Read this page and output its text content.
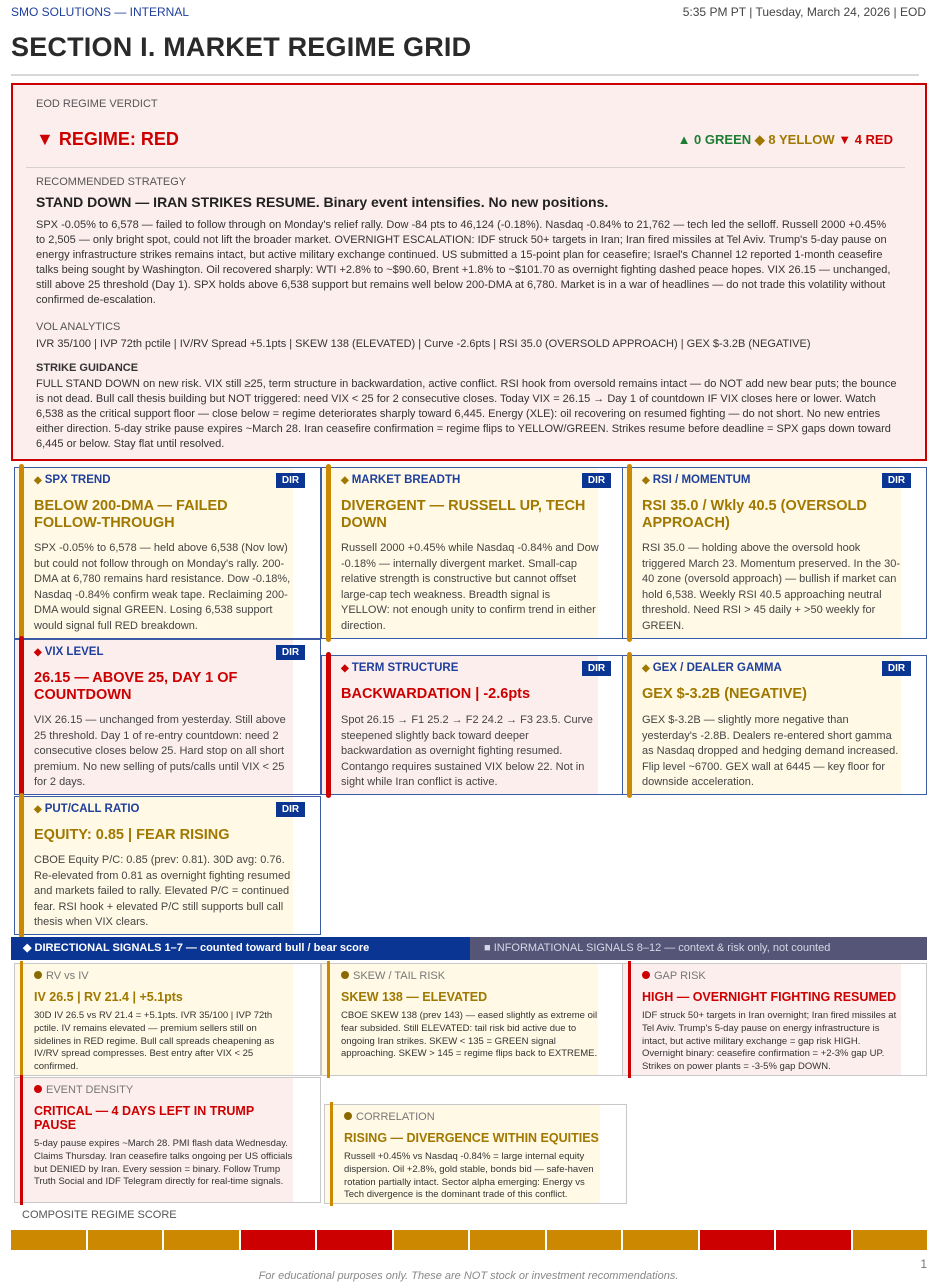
SMO SOLUTIONS — INTERNAL	5:35 PM PT | Tuesday, March 24, 2026 | EOD
SECTION I. MARKET REGIME GRID
EOD REGIME VERDICT
▼ REGIME: RED	▲ 0 GREEN ◆ 8 YELLOW ▼ 4 RED
RECOMMENDED STRATEGY
STAND DOWN — IRAN STRIKES RESUME. Binary event intensifies. No new positions.
SPX -0.05% to 6,578 — failed to follow through on Monday's relief rally. Dow -84 pts to 46,124 (-0.18%). Nasdaq -0.84% to 21,762 — tech led the selloff. Russell 2000 +0.45% to 2,505 — only bright spot, could not lift the broader market. OVERNIGHT ESCALATION: IDF struck 50+ targets in Iran; Iran fired missiles at Tel Aviv. Trump's 5-day pause on energy infrastructure strikes remains intact, but active military exchange continued. US submitted a 15-point plan for ceasefire; Israel's Channel 12 reported 1-month ceasefire talks being sought by Washington. Oil recovered sharply: WTI +2.8% to ~$90.60, Brent +1.8% to ~$101.70 as overnight fighting dashed peace hopes. VIX 26.15 — unchanged, still above 25 threshold (Day 1). SPX holds above 6,538 support but remains well below 200-DMA at 6,780. Market is in a war of headlines — do not trade this volatility without confirmed de-escalation.
VOL ANALYTICS
IVR 35/100 | IVP 72th pctile | IV/RV Spread +5.1pts | SKEW 138 (ELEVATED) | Curve -2.6pts | RSI 35.0 (OVERSOLD APPROACH) | GEX $-3.2B (NEGATIVE)
STRIKE GUIDANCE
FULL STAND DOWN on new risk. VIX still ≥25, term structure in backwardation, active conflict. RSI hook from oversold remains intact — do NOT add new bear puts; the bounce is not dead. Bull call thesis building but NOT triggered: need VIX < 25 for 2 consecutive closes. Today VIX = 26.15 → Day 1 of countdown IF VIX closes here or lower. Watch 6,538 as the critical support floor — close below = regime deteriorates sharply toward 6,445. Energy (XLE): oil recovering on resumed fighting — do not short. No new entries either direction. 5-day strike pause expires ~March 28. Iran ceasefire confirmation = regime flips to YELLOW/GREEN. Strikes resume before deadline = SPX gaps down toward 6,445 or below. Stay flat until resolved.
◆ SPX TREND	DIR
BELOW 200-DMA — FAILED FOLLOW-THROUGH
SPX -0.05% to 6,578 — held above 6,538 (Nov low) but could not follow through on Monday's rally. 200-DMA at 6,780 remains hard resistance. Dow -0.18%, Nasdaq -0.84% confirm weak tape. Reclaiming 200-DMA would signal GREEN. Losing 6,538 support would signal full RED breakdown.
◆ MARKET BREADTH	DIR
DIVERGENT — RUSSELL UP, TECH DOWN
Russell 2000 +0.45% while Nasdaq -0.84% and Dow -0.18% — internally divergent market. Small-cap relative strength is constructive but cannot offset large-cap tech weakness. Breadth signal is YELLOW: not enough unity to confirm trend in either direction.
◆ RSI / MOMENTUM	DIR
RSI 35.0 / Wkly 40.5 (OVERSOLD APPROACH)
RSI 35.0 — holding above the oversold hook triggered March 23. Momentum preserved. In the 30-40 zone (oversold approach) — bullish if market can hold 6,538. Weekly RSI 40.5 approaching neutral threshold. Need RSI > 45 daily + >50 weekly for GREEN.
◆ VIX LEVEL	DIR
26.15 — ABOVE 25, DAY 1 OF COUNTDOWN
VIX 26.15 — unchanged from yesterday. Still above 25 threshold. Day 1 of re-entry countdown: need 2 consecutive closes below 25. Hard stop on all short premium. No new selling of puts/calls until VIX < 25 for 2 days.
◆ TERM STRUCTURE	DIR
BACKWARDATION | -2.6pts
Spot 26.15 → F1 25.2 → F2 24.2 → F3 23.5. Curve steepened slightly back toward deeper backwardation as overnight fighting resumed. Contango requires sustained VIX below 22. Not in sight while Iran conflict is active.
◆ GEX / DEALER GAMMA	DIR
GEX $-3.2B (NEGATIVE)
GEX $-3.2B — slightly more negative than yesterday's -2.8B. Dealers re-entered short gamma as Nasdaq dropped and hedging demand increased. Flip level ~6700. GEX wall at 6445 — key floor for downside acceleration.
◆ PUT/CALL RATIO	DIR
EQUITY: 0.85 | FEAR RISING
CBOE Equity P/C: 0.85 (prev: 0.81). 30D avg: 0.76. Re-elevated from 0.81 as overnight fighting resumed and markets failed to rally. Elevated P/C = continued fear. RSI hook + elevated P/C still supports bull call thesis when VIX clears.
◆ DIRECTIONAL SIGNALS 1–7 — counted toward bull / bear score	■ INFORMATIONAL SIGNALS 8–12 — context & risk only, not counted
RV vs IV
IV 26.5 | RV 21.4 | +5.1pts
30D IV 26.5 vs RV 21.4 = +5.1pts. IVR 35/100 | IVP 72th pctile. IV remains elevated — premium sellers still on sidelines in RED regime. Bull call spreads cheapening as IV/RV spread compresses. Best entry after VIX < 25 confirmed.
SKEW / TAIL RISK
SKEW 138 — ELEVATED
CBOE SKEW 138 (prev 143) — eased slightly as extreme oil fear subsided. Still ELEVATED: tail risk bid active due to ongoing Iran strikes. SKEW < 135 = GREEN signal approaching. SKEW > 145 = regime flips back to EXTREME.
GAP RISK
HIGH — OVERNIGHT FIGHTING RESUMED
IDF struck 50+ targets in Iran overnight; Iran fired missiles at Tel Aviv. Trump's 5-day pause on energy infrastructure is intact, but active military exchange = gap risk HIGH. Overnight binary: ceasefire confirmation = +2-3% gap UP. Strikes on power plants = -3-5% gap DOWN.
EVENT DENSITY
CRITICAL — 4 DAYS LEFT IN TRUMP PAUSE
5-day pause expires ~March 28. PMI flash data Wednesday. Claims Thursday. Iran ceasefire talks ongoing per US officials but DENIED by Iran. Every session = binary. Follow Trump Truth Social and IDF Telegram directly for real-time signals.
CORRELATION
RISING — DIVERGENCE WITHIN EQUITIES
Russell +0.45% vs Nasdaq -0.84% = large internal equity dispersion. Oil +2.8%, gold stable, bonds bid — safe-haven rotation partially intact. Sector alpha emerging: Energy vs Tech divergence is the dominant trade of this conflict.
COMPOSITE REGIME SCORE
1
For educational purposes only. These are NOT stock or investment recommendations.
